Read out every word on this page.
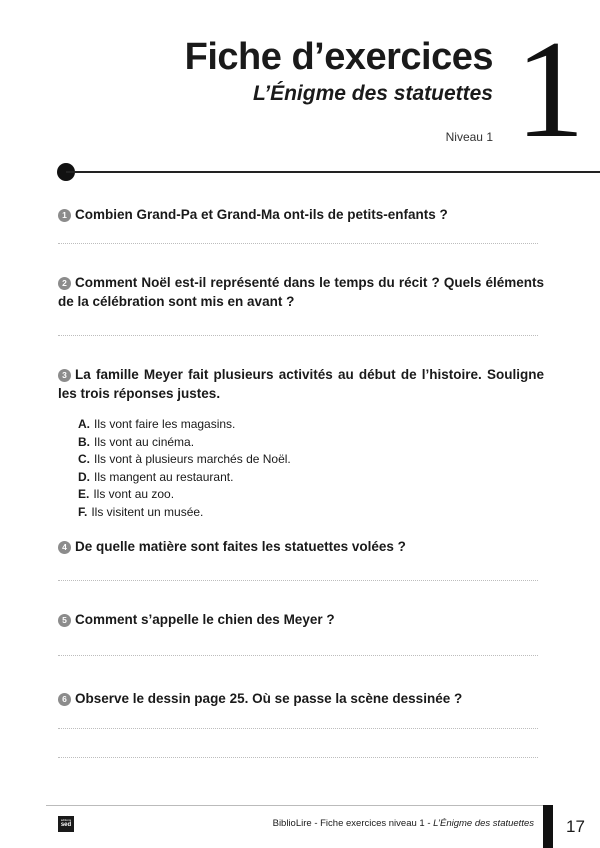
Fiche d’exercices
L’Énigme des statuettes
Niveau 1 1
1 Combien Grand-Pa et Grand-Ma ont-ils de petits-enfants ?
2 Comment Noël est-il représenté dans le temps du récit ? Quels éléments de la célébration sont mis en avant ?
3 La famille Meyer fait plusieurs activités au début de l’histoire. Souligne les trois réponses justes.
A. Ils vont faire les magasins.
B. Ils vont au cinéma.
C. Ils vont à plusieurs marchés de Noël.
D. Ils mangent au restaurant.
E. Ils vont au zoo.
F. Ils visitent un musée.
4 De quelle matière sont faites les statuettes volées ?
5 Comment s’appelle le chien des Meyer ?
6 Observe le dessin page 25. Où se passe la scène dessinée ?
éditions
sed	BiblioLire - Fiche exercices niveau 1 - L’Énigme des statuettes 17
